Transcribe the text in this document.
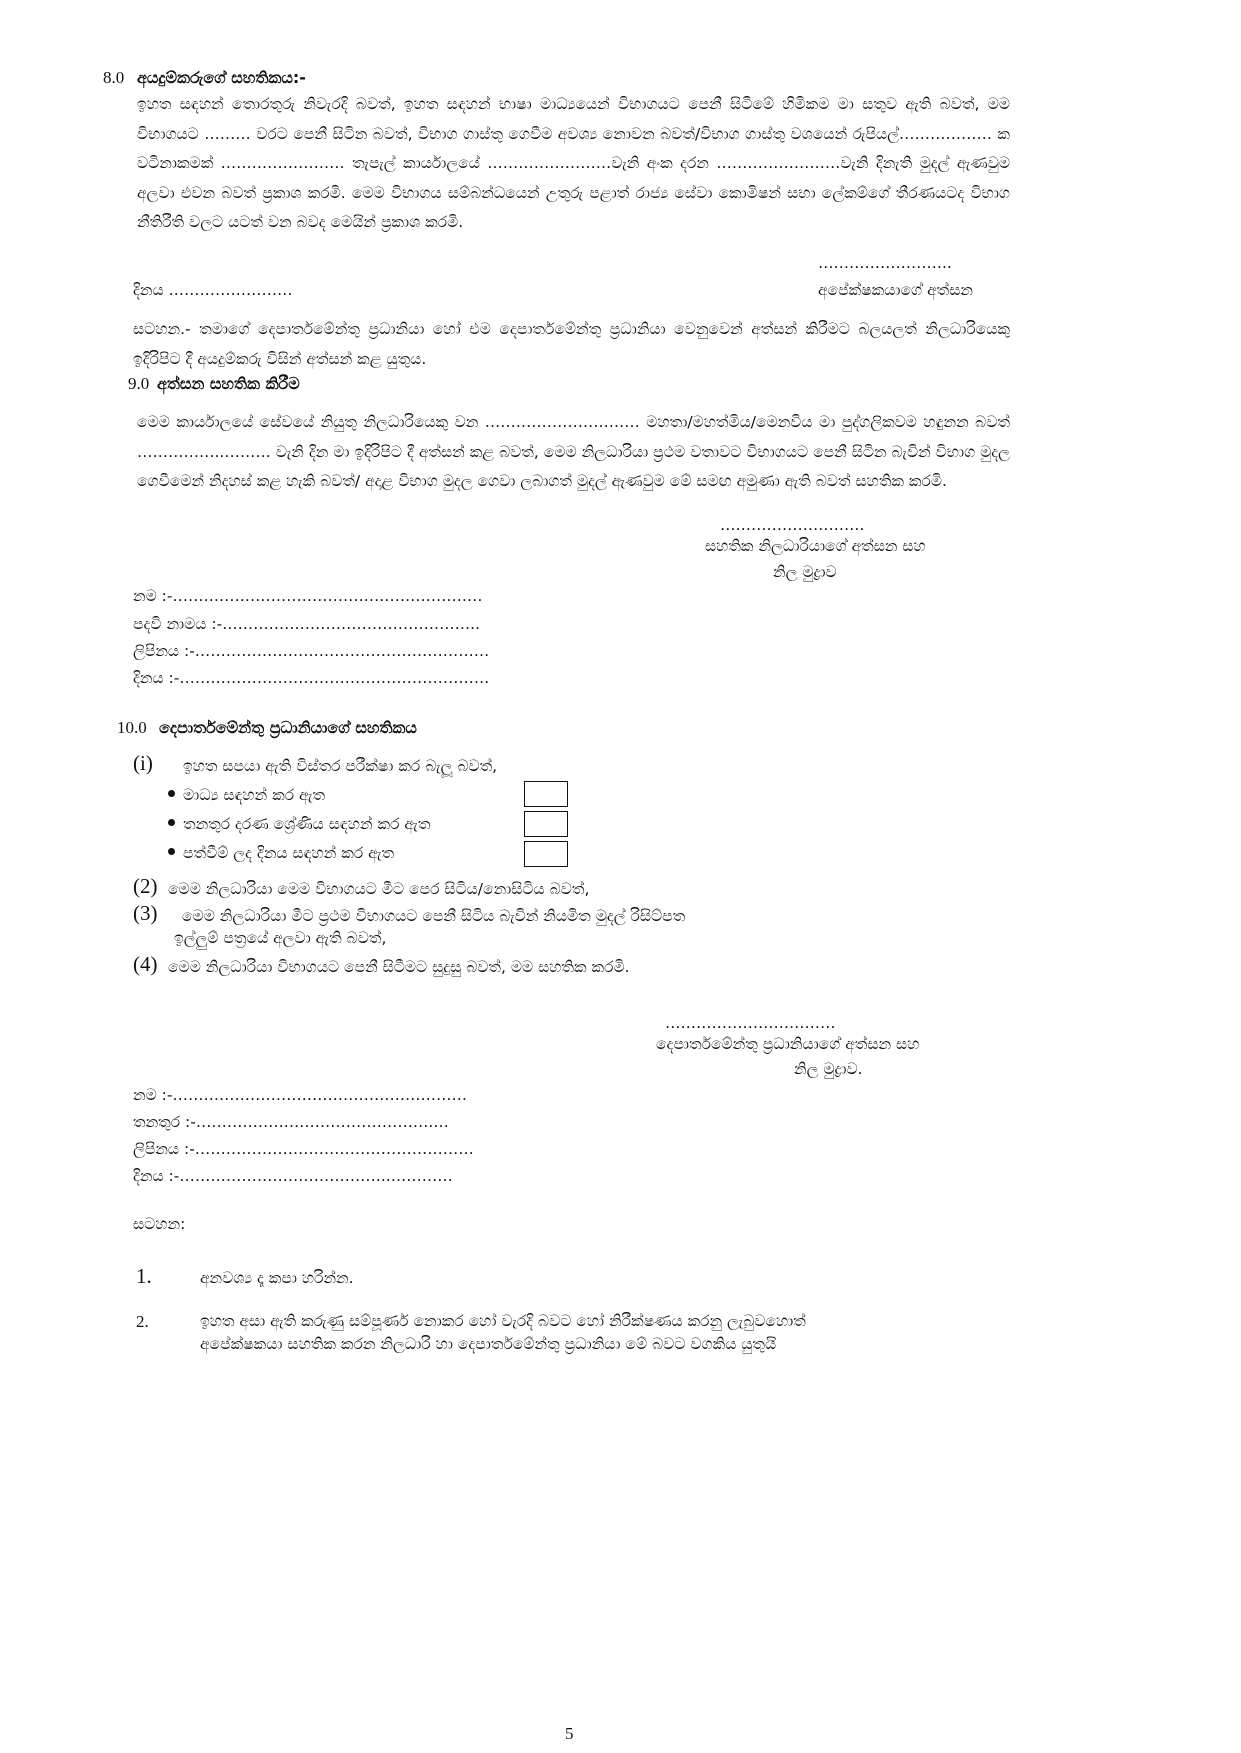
8.0 අයදුම්කරුගේ සහතිකය:-
ඉහත සඳහන් තොරතුරු නිවැරදි බවත්, ඉහත සඳහන් භාෂා මාධ්‍යයෙන් විභාගයට පෙනී සිටීමේ හිමිකම මා සතුව ඇති බවත්, මම විභාගයට ……… වරට පෙනී සිටින බවත්, විභාග ගාස්තු ගෙවීම අවශ්‍ය නොවන බවත්/විභාග ගාස්තු වශයෙන් රුපියල්……………… ක වටිනාකමක් …………………… තැපැල් කාර්යාලයේ ……………………වැනි අංක දරන ……………………වැනි දිනැති මුදල් ඇණවුම අලවා එවන බවත් ප්‍රකාශ කරමි. මෙම විභාගය සම්බන්ධයෙන් උතුරු පළාත් රාජ්‍ය සේවා කොමිෂන් සභා ලේකම්ගේ තීරණයටද විභාග නීතිරීති වලට යටත් වන බවද මෙයින් ප්‍රකාශ කරමි.
……………………..
දිනය ……………………	අපේක්ෂකයාගේ අත්සන
සටහන.- තමාගේ දෙපාර්තමේන්තු ප්‍රධානියා හෝ එම දෙපාර්තමේන්තු ප්‍රධානියා වෙනුවෙන් අත්සන් කිරීමට බලයලත් නිලධාරියෙකු ඉදිරිපිට දී අයදුම්කරු විසින් අත්සන් කළ යුතුය.
9.0 අත්සන සහතික කිරීම
මෙම කාර්යාලයේ සේවයේ නියුතු නිලධාරියෙකු වන ………………………… මහතා/මහත්මිය/මෙනවිය මා පුද්ගලිකවම හඳුනන බවත් ……………..……… වැනි දින මා ඉදිරිපිට දී අත්සන් කළ බවත්, මෙම නිලධාරියා ප්‍රථම වතාවට විභාගයට පෙනී සිටින බැවින් විභාග මුදල ගෙවීමෙන් නිදහස් කළ හැකි බවත්/ අදාළ විභාග මුදල ගෙවා ලබාගත් මුදල් ඇණවුම මේ සමඟ අමුණා ඇති බවත් සහතික කරමි.
……………………….
සහතික නිලධාරියාගේ අත්සන සහ
නිල මුද්‍රාව
නම :-……………………………………………………
පදවි නාමය :-…………………………………………..
ලිපිනය :-…………………………………………………
දිනය :-……………………………………………………
10.0 දෙපාර්තමේන්තු ප්‍රධානියාගේ සහතිකය
(i) ඉහත සපයා ඇති විස්තර පරීක්ෂා කර බැලූ බවත්,
මාධ්‍ය සඳහන් කර ඇත
තනතුර දරණ ශ්‍රේණිය සඳහන් කර ඇත
පත්වීම් ලද දිනය සඳහන් කර ඇත
(2) මෙම නිලධාරියා මෙම විභාගයට මීට පෙර සිටිය/නොසිටිය බවත්,
(3) මෙම නිලධාරියා මීට ප්‍රථම විභාගයට පෙනී සිටිය බැවින් නියමිත මුදල් රිසිට්පත
ඉල්ලුම් පත්‍රයේ අලවා ඇති බවත්,
(4) මෙම නිලධාරියා විභාගයට පෙනී සිටීමට සුදුසු බවත්, මම සහතික කරමි.
……………………………
දෙපාර්තමේන්තු ප්‍රධානියාගේ අත්සන සහ
නිල මුද්‍රාව.
නම :-…………………………………………………
තනතුර :-……………………………………….…
ලිපිනය :-………………………………………………
දිනය :-…………………………………..…………
සටහන:
1.	අනවශ්‍ය දෑ කපා හරින්න.
2.	ඉහත අසා ඇති කරුණු සම්පූර්ණ නොකර හෝ වැරදි බවට හෝ නිරීක්ෂණය කරනු ලැබුවහොත්
අපේක්ෂකයා සහතික කරන නිලධාරි හා දෙපාර්තමේන්තු ප්‍රධානියා මේ බවට වගකිය යුතුයි
5
